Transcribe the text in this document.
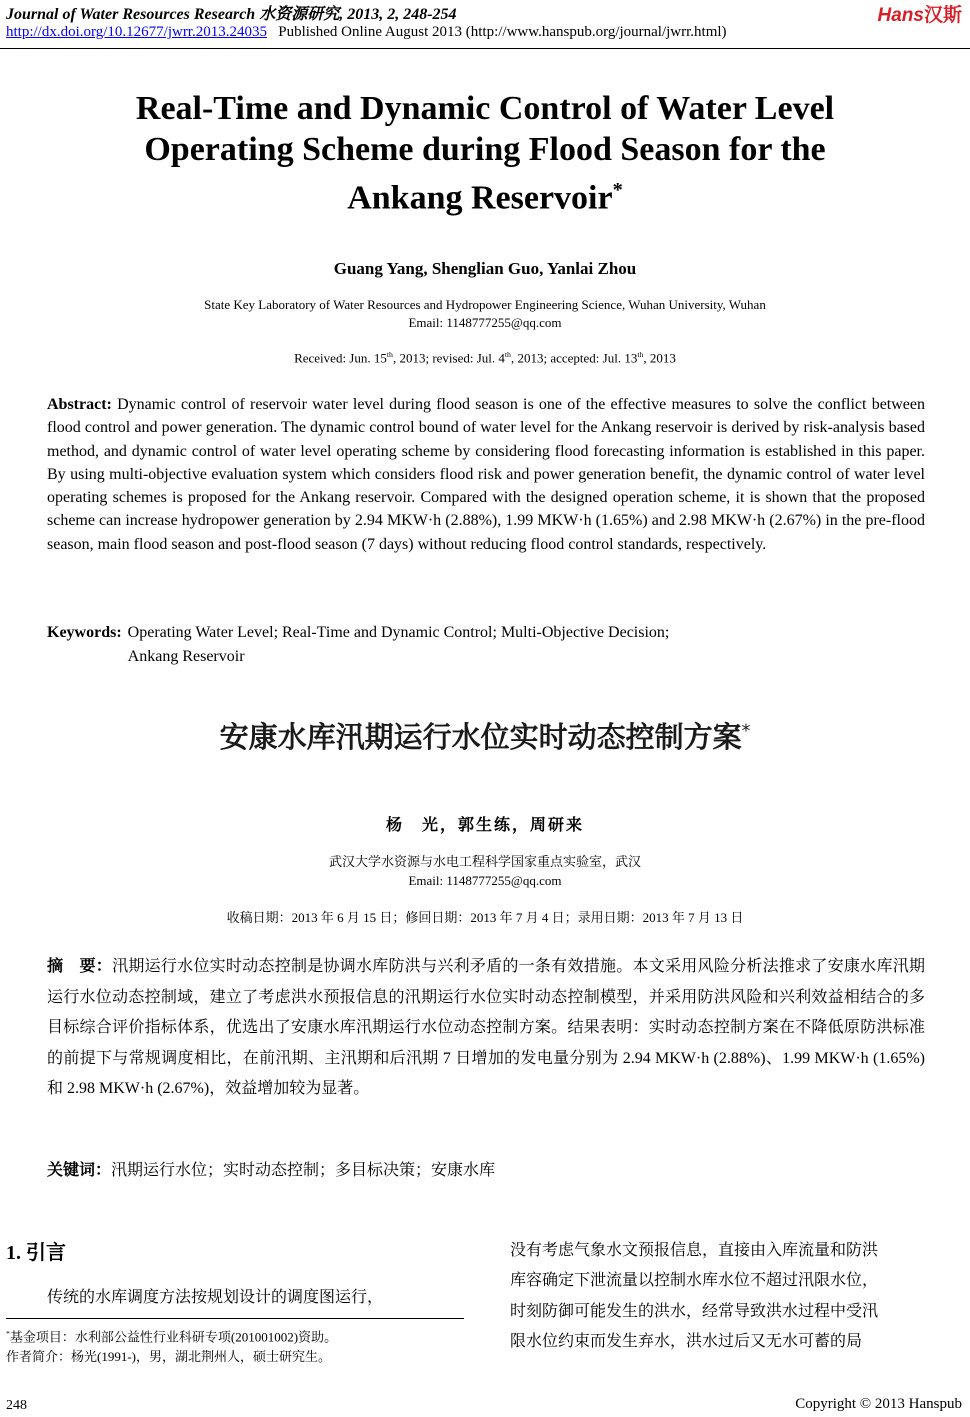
Journal of Water Resources Research 水资源研究, 2013, 2, 248-254
http://dx.doi.org/10.12677/jwrr.2013.24035 Published Online August 2013 (http://www.hanspub.org/journal/jwrr.html)
Hans汉斯
Real-Time and Dynamic Control of Water Level
Operating Scheme during Flood Season for the
Ankang Reservoir*
Guang Yang, Shenglian Guo, Yanlai Zhou
State Key Laboratory of Water Resources and Hydropower Engineering Science, Wuhan University, Wuhan
Email: 1148777255@qq.com
Received: Jun. 15th, 2013; revised: Jul. 4th, 2013; accepted: Jul. 13th, 2013
Abstract: Dynamic control of reservoir water level during flood season is one of the effective measures to solve the conflict between flood control and power generation. The dynamic control bound of water level for the Ankang reservoir is derived by risk-analysis based method, and dynamic control of water level operating scheme by considering flood forecasting information is established in this paper. By using multi-objective evaluation system which considers flood risk and power generation benefit, the dynamic control of water level operating schemes is proposed for the Ankang reservoir. Compared with the designed operation scheme, it is shown that the proposed scheme can increase hydropower generation by 2.94 MKW·h (2.88%), 1.99 MKW·h (1.65%) and 2.98 MKW·h (2.67%) in the pre-flood season, main flood season and post-flood season (7 days) without reducing flood control standards, respectively.
Keywords: Operating Water Level; Real-Time and Dynamic Control; Multi-Objective Decision;
Ankang Reservoir
安康水库汛期运行水位实时动态控制方案*
杨　光，郭生练，周研来
武汉大学水资源与水电工程科学国家重点实验室，武汉
Email: 1148777255@qq.com
收稿日期：2013 年 6 月 15 日；修回日期：2013 年 7 月 4 日；录用日期：2013 年 7 月 13 日
摘　要：汛期运行水位实时动态控制是协调水库防洪与兴利矛盾的一条有效措施。本文采用风险分析法推求了安康水库汛期运行水位动态控制域，建立了考虑洪水预报信息的汛期运行水位实时动态控制模型，并采用防洪风险和兴利效益相结合的多目标综合评价指标体系，优选出了安康水库汛期运行水位动态控制方案。结果表明：实时动态控制方案在不降低原防洪标准的前提下与常规调度相比，在前汛期、主汛期和后汛期 7 日增加的发电量分别为 2.94 MKW·h (2.88%)、1.99 MKW·h (1.65%)和 2.98 MKW·h (2.67%)，效益增加较为显著。
关键词：汛期运行水位；实时动态控制；多目标决策；安康水库
1. 引言
传统的水库调度方法按规划设计的调度图运行，
*基金项目：水利部公益性行业科研专项(201001002)资助。
作者简介：杨光(1991-)，男，湖北荆州人，硕士研究生。
没有考虑气象水文预报信息，直接由入库流量和防洪
库容确定下泄流量以控制水库水位不超过汛限水位，
时刻防御可能发生的洪水，经常导致洪水过程中受汛
限水位约束而发生弃水，洪水过后又无水可蓄的局
248	Copyright © 2013 Hanspub
